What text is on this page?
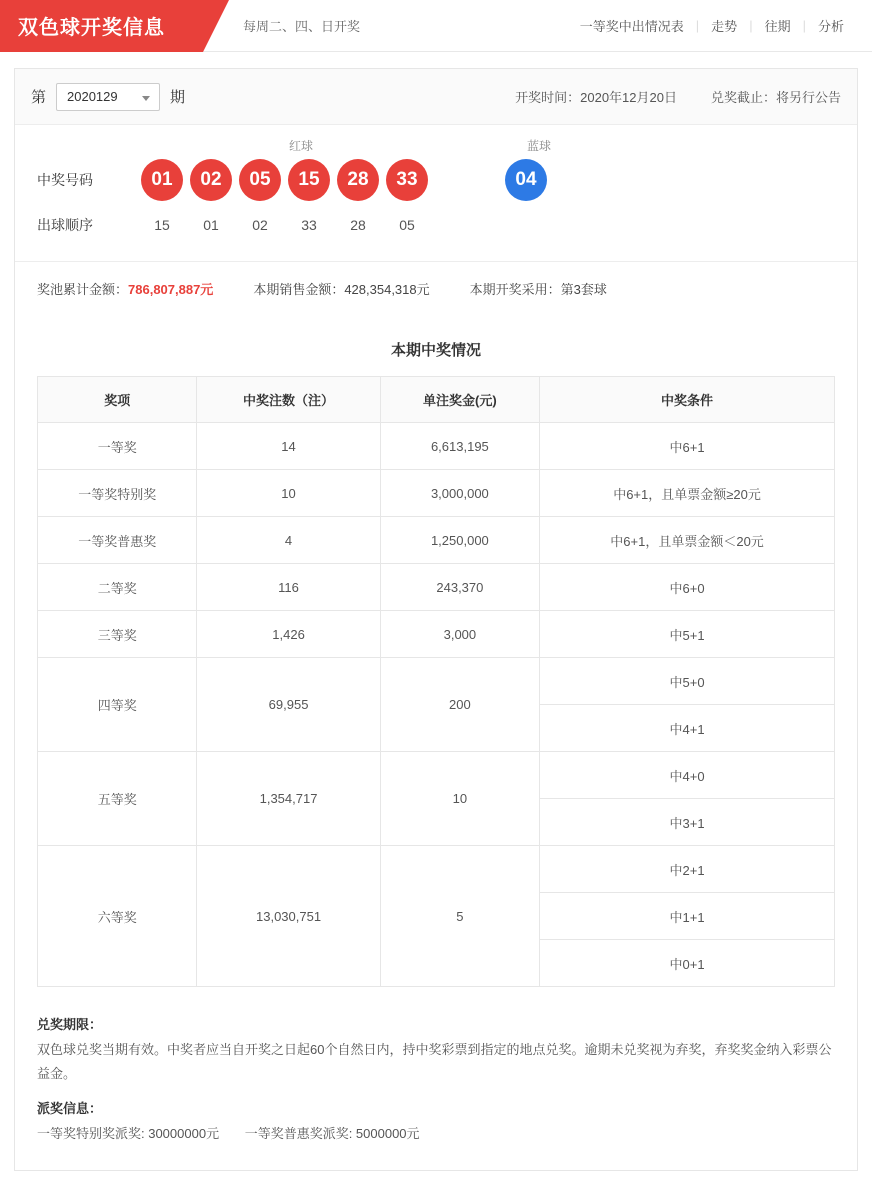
双色球开奖信息	每周二、四、日开奖	一等奖中出情况表 | 走势 | 往期 | 分析
第 2020129	期	开奖时间：2020年12月20日	兑奖截止：将另行公告
红球	蓝球
中奖号码	01	02	05	15	28	33	04
出球顺序	15	01	02	33	28	05
奖池累计金额：786,807,887元	本期销售金额：428,354,318元	本期开奖采用：第3套球
本期中奖情况
奖项	中奖注数（注）	单注奖金(元)	中奖条件
一等奖	14	6,613,195	中6+1
一等奖特别奖	10	3,000,000	中6+1，且单票金额≥20元
一等奖普惠奖	4	1,250,000	中6+1，且单票金额＜20元
二等奖	116	243,370	中6+0
三等奖	1,426	3,000	中5+1
四等奖	69,955	200	中5+0
			中4+1
五等奖	1,354,717	10	中4+0
			中3+1
六等奖	13,030,751	5	中2+1
			中1+1
			中0+1
兑奖期限：
双色球兑奖当期有效。中奖者应当自开奖之日起60个自然日内，持中奖彩票到指定的地点兑奖。逾期未兑奖视为弃奖，弃奖奖金纳入彩票公益金。
派奖信息：
一等奖特别奖派奖: 30000000元 一等奖普惠奖派奖: 5000000元
